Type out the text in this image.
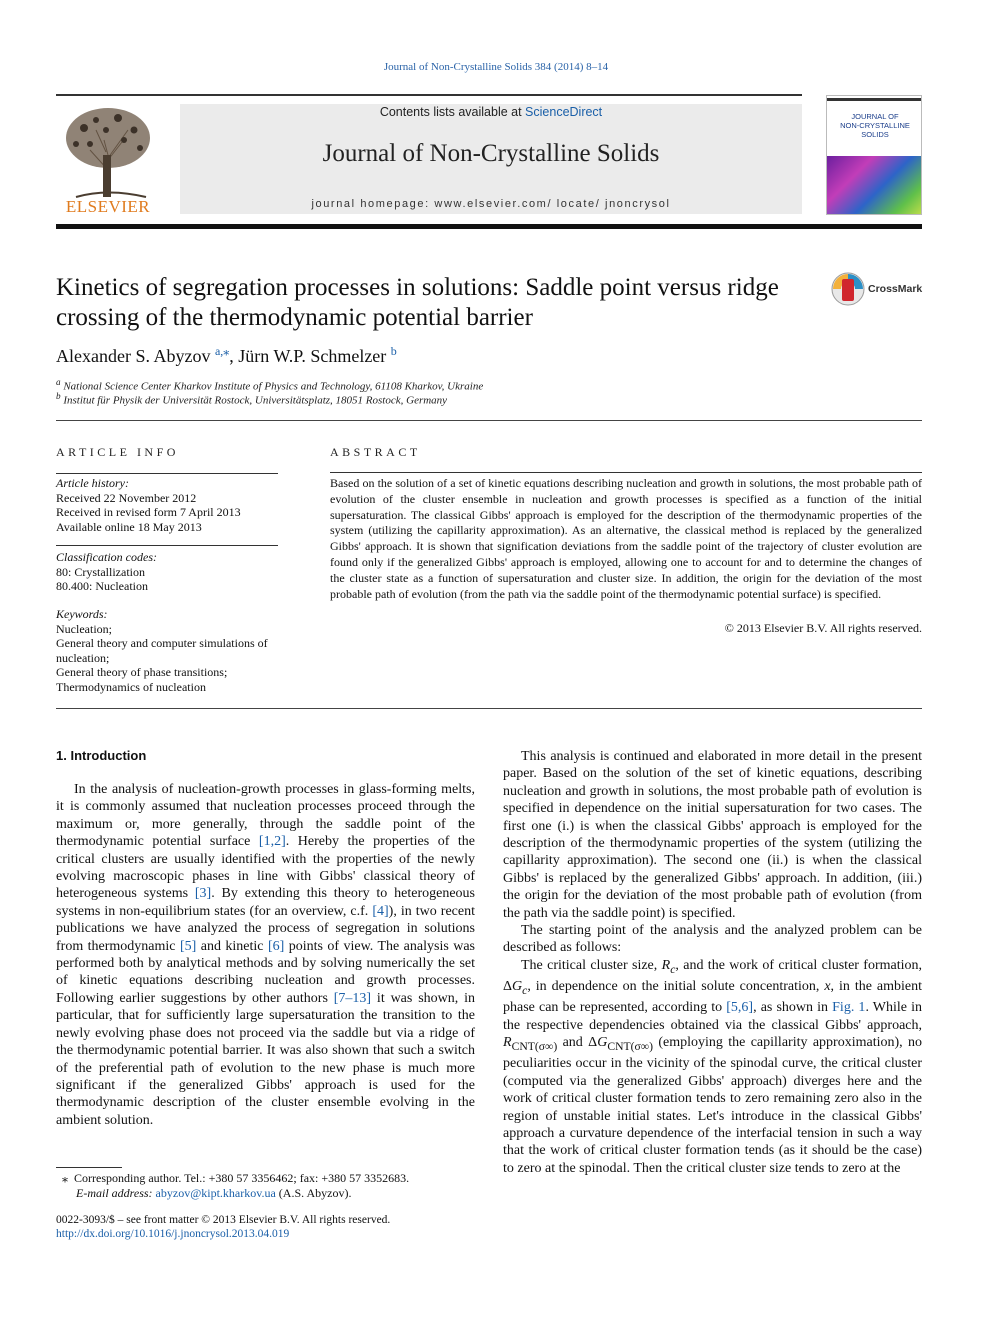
Journal of Non-Crystalline Solids 384 (2014) 8–14
ELSEVIER
Contents lists available at ScienceDirect
Journal of Non-Crystalline Solids
journal homepage: www.elsevier.com/ locate/ jnoncrysol
JOURNAL OF
NON-CRYSTALLINE SOLIDS
Kinetics of segregation processes in solutions: Saddle point versus ridge crossing of the thermodynamic potential barrier
CrossMark
Alexander S. Abyzov $^{a,⁎}$, Jürn W.P. Schmelzer $^b$
$^a$ National Science Center Kharkov Institute of Physics and Technology, 61108 Kharkov, Ukraine
$^b$ Institut für Physik der Universität Rostock, Universitätsplatz, 18051 Rostock, Germany
ARTICLE INFO
Article history:
Received 22 November 2012
Received in revised form 7 April 2013
Available online 18 May 2013
Classification codes:
80: Crystallization
80.400: Nucleation
Keywords:
Nucleation;
General theory and computer simulations of nucleation;
General theory of phase transitions;
Thermodynamics of nucleation
ABSTRACT
Based on the solution of a set of kinetic equations describing nucleation and growth in solutions, the most probable path of evolution of the cluster ensemble in nucleation and growth processes is specified as a function of the initial supersaturation. The classical Gibbs' approach is employed for the description of the thermodynamic properties of the system (utilizing the capillarity approximation). As an alternative, the classical method is replaced by the generalized Gibbs' approach. It is shown that signification deviations from the saddle point of the trajectory of cluster evolution are found only if the generalized Gibbs' approach is employed, allowing one to account for and to determine the changes of the cluster state as a function of supersaturation and cluster size. In addition, the origin for the deviation of the most probable path of evolution (from the path via the saddle point of the thermodynamic potential surface) is specified.
© 2013 Elsevier B.V. All rights reserved.
1. Introduction

In the analysis of nucleation-growth processes in glass-forming melts, it is commonly assumed that nucleation processes proceed through the maximum or, more generally, through the saddle point of the thermodynamic potential surface [1,2]. Hereby the properties of the critical clusters are usually identified with the properties of the newly evolving macroscopic phases in line with Gibbs' classical theory of heterogeneous systems [3]. By extending this theory to heterogeneous systems in non-equilibrium states (for an overview, c.f. [4]), in two recent publications we have analyzed the process of segregation in solutions from thermodynamic [5] and kinetic [6] points of view. The analysis was performed both by analytical methods and by solving numerically the set of kinetic equations describing nucleation and growth processes. Following earlier suggestions by other authors [7–13] it was shown, in particular, that for sufficiently large supersaturation the transition to the newly evolving phase does not proceed via the saddle but via a ridge of the thermodynamic potential barrier. It was also shown that such a switch of the preferential path of evolution to the new phase is much more significant if the generalized Gibbs' approach is used for the thermodynamic description of the cluster ensemble evolving in the ambient solution.

This analysis is continued and elaborated in more detail in the present paper. Based on the solution of the set of kinetic equations, describing nucleation and growth in solutions, the most probable path of evolution is specified in dependence on the initial supersaturation for two cases. The first one (i.) is when the classical Gibbs' approach is employed for the description of the thermodynamic properties of the system (utilizing the capillarity approximation). The second one (ii.) is when the classical Gibbs' is replaced by the generalized Gibbs' approach. In addition, (iii.) the origin for the deviation of the most probable path of evolution (from the path via the saddle point) is specified.

The starting point of the analysis and the analyzed problem can be described as follows:

The critical cluster size, $R_c$, and the work of critical cluster formation, $\Delta G_c$, in dependence on the initial solute concentration, x, in the ambient phase can be represented, according to [5,6], as shown in Fig. 1. While in the respective dependencies obtained via the classical Gibbs' approach, $R_{CNT(\sigma\infty)}$ and $\Delta G_{CNT(\sigma\infty)}$ (employing the capillarity approximation), no peculiarities occur in the vicinity of the spinodal curve, the critical cluster (computed via the generalized Gibbs' approach) diverges here and the work of critical cluster formation tends to zero remaining zero also in the region of unstable initial states. Let's introduce in the classical Gibbs' approach a curvature dependence of the interfacial tension in such a way that the work of critical cluster formation tends (as it should be the case) to zero at the spinodal. Then the critical cluster size tends to zero at the

⁎ Corresponding author. Tel.: +380 57 3356462; fax: +380 57 3352683.
E-mail address: abyzov@kipt.kharkov.ua (A.S. Abyzov).
0022-3093/$ – see front matter © 2013 Elsevier B.V. All rights reserved.
http://dx.doi.org/10.1016/j.jnoncrysol.2013.04.019
